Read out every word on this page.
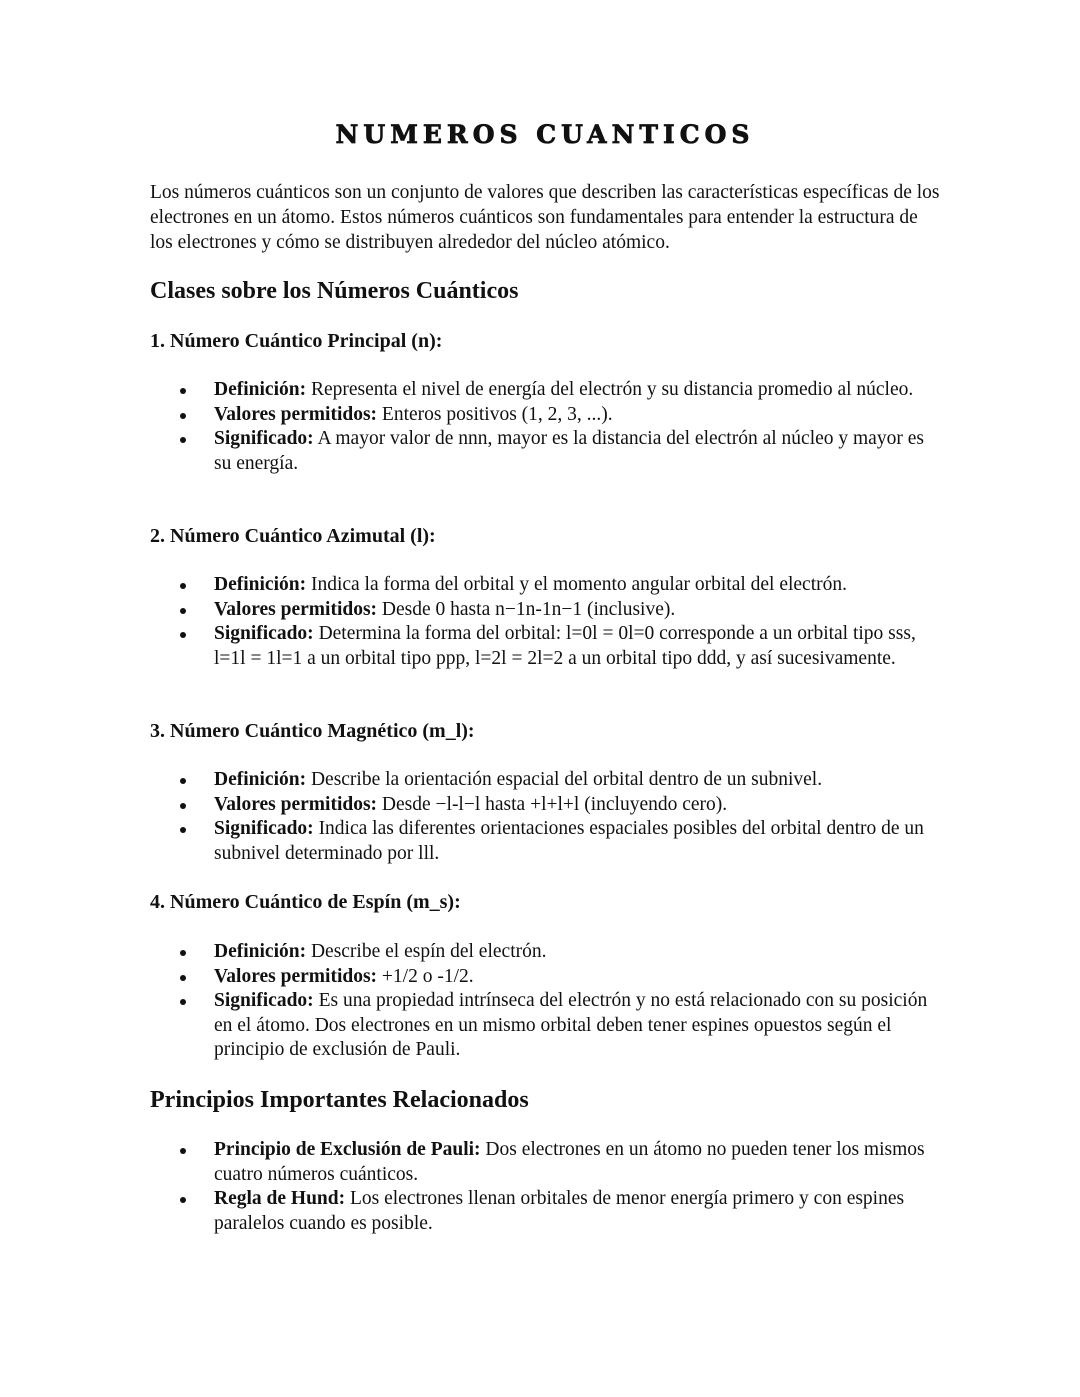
NUMEROS CUANTICOS

Los números cuánticos son un conjunto de valores que describen las características específicas de los electrones en un átomo. Estos números cuánticos son fundamentales para entender la estructura de los electrones y cómo se distribuyen alrededor del núcleo atómico.

Clases sobre los Números Cuánticos
1. Número Cuántico Principal (n):
Definición: Representa el nivel de energía del electrón y su distancia promedio al núcleo.
Valores permitidos: Enteros positivos (1, 2, 3, ...).
Significado: A mayor valor de nnn, mayor es la distancia del electrón al núcleo y mayor es su energía.
2. Número Cuántico Azimutal (l):
Definición: Indica la forma del orbital y el momento angular orbital del electrón.
Valores permitidos: Desde 0 hasta n−1n-1n−1 (inclusive).
Significado: Determina la forma del orbital: l=0l = 0l=0 corresponde a un orbital tipo sss, l=1l = 1l=1 a un orbital tipo ppp, l=2l = 2l=2 a un orbital tipo ddd, y así sucesivamente.
3. Número Cuántico Magnético (m_l):
Definición: Describe la orientación espacial del orbital dentro de un subnivel.
Valores permitidos: Desde −l-l−l hasta +l+l+l (incluyendo cero).
Significado: Indica las diferentes orientaciones espaciales posibles del orbital dentro de un subnivel determinado por lll.
4. Número Cuántico de Espín (m_s):
Definición: Describe el espín del electrón.
Valores permitidos: +1/2 o -1/2.
Significado: Es una propiedad intrínseca del electrón y no está relacionado con su posición en el átomo. Dos electrones en un mismo orbital deben tener espines opuestos según el principio de exclusión de Pauli.
Principios Importantes Relacionados
Principio de Exclusión de Pauli: Dos electrones en un átomo no pueden tener los mismos cuatro números cuánticos.
Regla de Hund: Los electrones llenan orbitales de menor energía primero y con espines paralelos cuando es posible.
